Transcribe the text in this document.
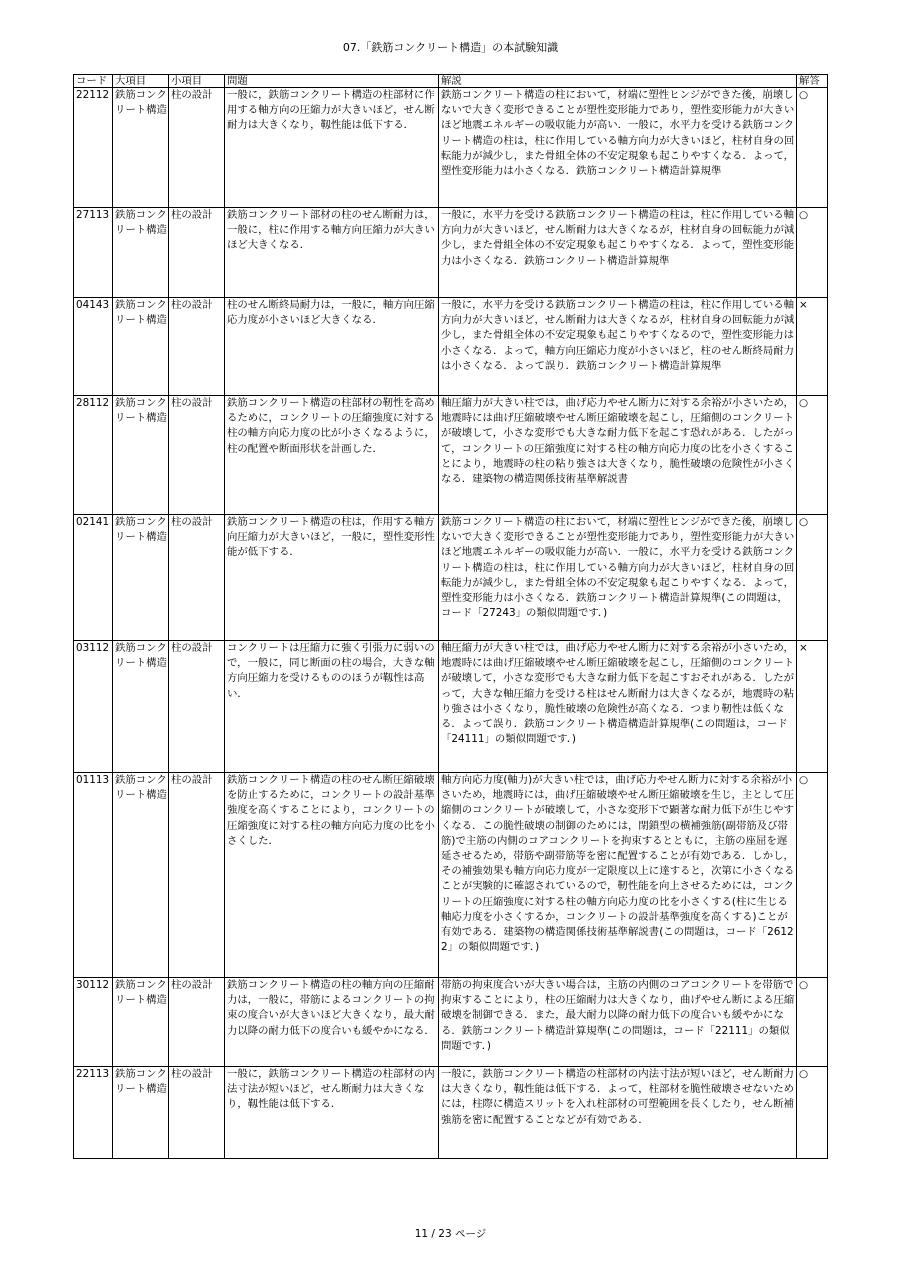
07.「鉄筋コンクリート構造」の本試験知識
コード	大項目	小項目	問題	解説	解答
22112	鉄筋コンクリート構造	柱の設計	一般に，鉄筋コンクリート構造の柱部材に作用する軸方向の圧縮力が大きいほど，せん断耐力は大きくなり，靱性能は低下する．	鉄筋コンクリート構造の柱において，材端に塑性ヒンジができた後，崩壊しないで大きく変形できることが塑性変形能力であり，塑性変形能力が大きいほど地震エネルギーの吸収能力が高い．一般に，水平力を受ける鉄筋コンクリート構造の柱は，柱に作用している軸方向力が大きいほど，柱材自身の回転能力が減少し，また骨組全体の不安定現象も起こりやすくなる．よって，塑性変形能力は小さくなる．鉄筋コンクリート構造計算規準	○
27113	鉄筋コンクリート構造	柱の設計	鉄筋コンクリート部材の柱のせん断耐力は，一般に，柱に作用する軸方向圧縮力が大きいほど大きくなる．	一般に，水平力を受ける鉄筋コンクリート構造の柱は，柱に作用している軸方向力が大きいほど，せん断耐力は大きくなるが，柱材自身の回転能力が減少し，また骨組全体の不安定現象も起こりやすくなる．よって，塑性変形能力は小さくなる．鉄筋コンクリート構造計算規準	○
04143	鉄筋コンクリート構造	柱の設計	柱のせん断終局耐力は，一般に，軸方向圧縮応力度が小さいほど大きくなる．	一般に，水平力を受ける鉄筋コンクリート構造の柱は，柱に作用している軸方向力が大きいほど，せん断耐力は大きくなるが，柱材自身の回転能力が減少し，また骨組全体の不安定現象も起こりやすくなるので，塑性変形能力は小さくなる．よって，軸方向圧縮応力度が小さいほど，柱のせん断終局耐力は小さくなる．よって誤り．鉄筋コンクリート構造計算規準	×
28112	鉄筋コンクリート構造	柱の設計	鉄筋コンクリート構造の柱部材の靭性を高めるために，コンクリートの圧縮強度に対する柱の軸方向応力度の比が小さくなるように，柱の配置や断面形状を計画した．	軸圧縮力が大きい柱では，曲げ応力やせん断力に対する余裕が小さいため，地震時には曲げ圧縮破壊やせん断圧縮破壊を起こし，圧縮側のコンクリートが破壊して，小さな変形でも大きな耐力低下を起こす恐れがある．したがって，コンクリートの圧縮強度に対する柱の軸方向応力度の比を小さくすることにより，地震時の柱の粘り強さは大きくなり，脆性破壊の危険性が小さくなる．建築物の構造関係技術基準解説書	○
02141	鉄筋コンクリート構造	柱の設計	鉄筋コンクリート構造の柱は，作用する軸方向圧縮力が大きいほど，一般に，塑性変形性能が低下する．	鉄筋コンクリート構造の柱において，材端に塑性ヒンジができた後，崩壊しないで大きく変形できることが塑性変形能力であり，塑性変形能力が大きいほど地震エネルギーの吸収能力が高い．一般に，水平力を受ける鉄筋コンクリート構造の柱は，柱に作用している軸方向力が大きいほど，柱材自身の回転能力が減少し，また骨組全体の不安定現象も起こりやすくなる．よって，塑性変形能力は小さくなる．鉄筋コンクリート構造計算規準(この問題は，コード「27243」の類似問題です．)	○
03112	鉄筋コンクリート構造	柱の設計	コンクリートは圧縮力に強く引張力に弱いので，一般に，同じ断面の柱の場合，大きな軸方向圧縮力を受けるもののほうが靱性は高い．	軸圧縮力が大きい柱では，曲げ応力やせん断力に対する余裕が小さいため，地震時には曲げ圧縮破壊やせん断圧縮破壊を起こし，圧縮側のコンクリートが破壊して，小さな変形でも大きな耐力低下を起こすおそれがある．したがって，大きな軸圧縮力を受ける柱はせん断耐力は大きくなるが，地震時の粘り強さは小さくなり，脆性破壊の危険性が高くなる．つまり靭性は低くなる．よって誤り．鉄筋コンクリート構造構造計算規準(この問題は，コード「24111」の類似問題です．)	×
01113	鉄筋コンクリート構造	柱の設計	鉄筋コンクリート構造の柱のせん断圧縮破壊を防止するために，コンクリートの設計基準強度を高くすることにより，コンクリートの圧縮強度に対する柱の軸方向応力度の比を小さくした．	軸方向応力度(軸力)が大きい柱では，曲げ応力やせん断力に対する余裕が小さいため，地震時には，曲げ圧縮破壊やせん断圧縮破壊を生じ，主として圧縮側のコンクリートが破壊して，小さな変形下で顕著な耐力低下が生じやすくなる．この脆性破壊の制御のためには，閉鎖型の横補強筋(副帯筋及び帯筋)で主筋の内側のコアコンクリートを拘束するとともに，主筋の座屈を遅延させるため，帯筋や副帯筋等を密に配置することが有効である．しかし，その補強効果も軸方向応力度が一定限度以上に達すると，次第に小さくなることが実験的に確認されているので，靭性能を向上させるためには，コンクリートの圧縮強度に対する柱の軸方向応力度の比を小さくする(柱に生じる軸応力度を小さくするか，コンクリートの設計基準強度を高くする)ことが有効である．建築物の構造関係技術基準解説書(この問題は，コード「26122」の類似問題です．)	○
30112	鉄筋コンクリート構造	柱の設計	鉄筋コンクリート構造の柱の軸方向の圧縮耐力は，一般に，帯筋によるコンクリートの拘束の度合いが大きいほど大きくなり，最大耐力以降の耐力低下の度合いも緩やかになる．	帯筋の拘束度合いが大きい場合は，主筋の内側のコアコンクリートを帯筋で拘束することにより，柱の圧縮耐力は大きくなり，曲げやせん断による圧縮破壊を制御できる．また，最大耐力以降の耐力低下の度合いも緩やかになる．鉄筋コンクリート構造計算規準(この問題は，コード「22111」の類似問題です．)	○
22113	鉄筋コンクリート構造	柱の設計	一般に，鉄筋コンクリート構造の柱部材の内法寸法が短いほど，せん断耐力は大きくなり，靱性能は低下する．	一般に，鉄筋コンクリート構造の柱部材の内法寸法が短いほど，せん断耐力は大きくなり，靱性能は低下する．よって，柱部材を脆性破壊させないためには，柱際に構造スリットを入れ柱部材の可塑範囲を長くしたり，せん断補強筋を密に配置することなどが有効である．	○
11 / 23 ページ
